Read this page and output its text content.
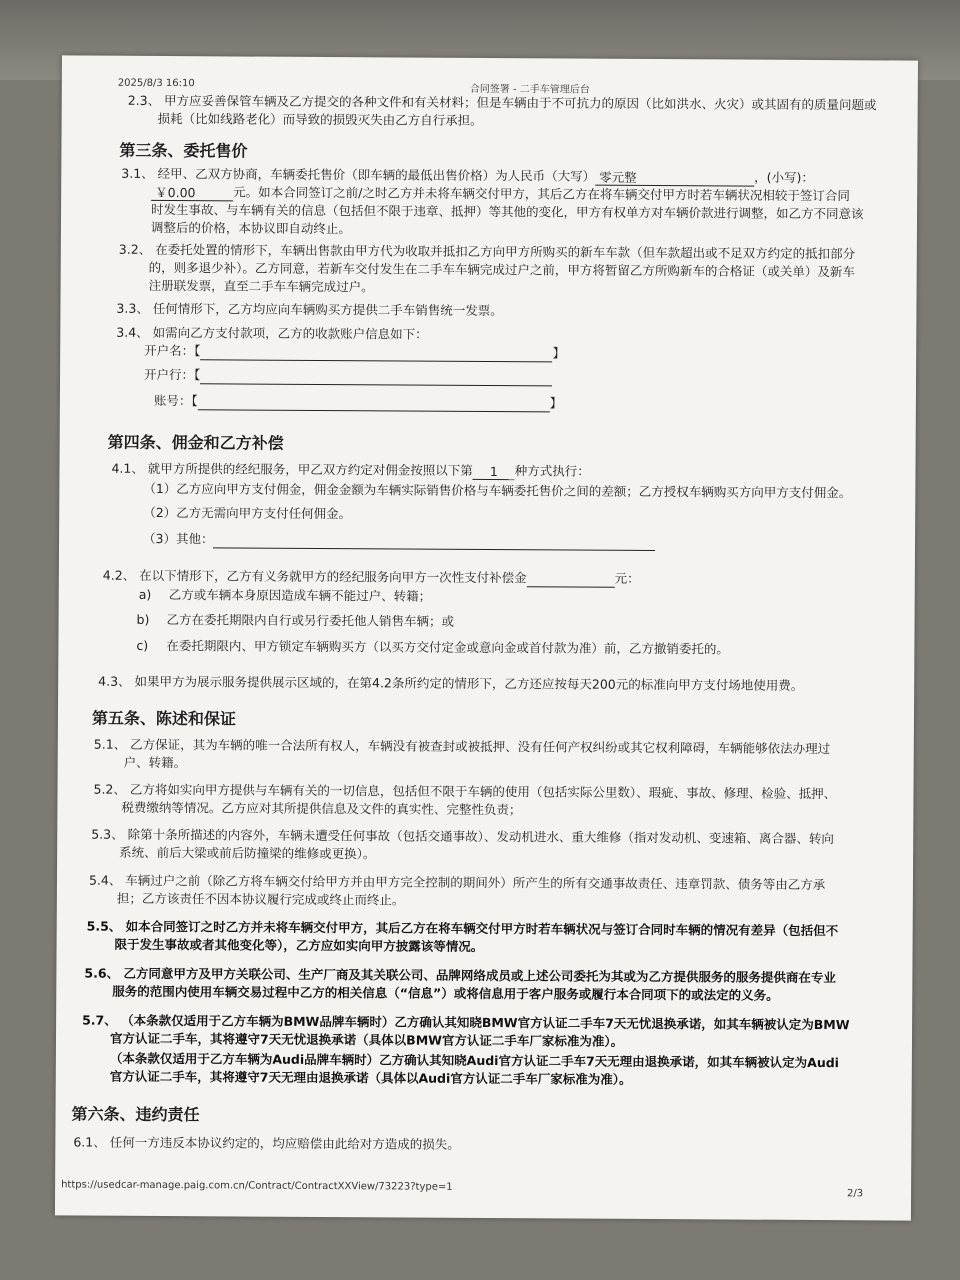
2025/8/3 16:10
合同签署 - 二手车管理后台
2.3、 甲方应妥善保管车辆及乙方提交的各种文件和有关材料；但是车辆由于不可抗力的原因（比如洪水、火灾）或其固有的质量问题或
损耗（比如线路老化）而导致的损毁灭失由乙方自行承担。
第三条、委托售价
3.1、 经甲、乙双方协商，车辆委托售价（即车辆的最低出售价格）为人民币（大写） 零元整	，(小写)：
￥0.00	元。如本合同签订之前/之时乙方并未将车辆交付甲方，其后乙方在将车辆交付甲方时若车辆状况相较于签订合同
时发生事故、与车辆有关的信息（包括但不限于违章、抵押）等其他的变化，甲方有权单方对车辆价款进行调整，如乙方不同意该
调整后的价格，本协议即自动终止。
3.2、 在委托处置的情形下，车辆出售款由甲方代为收取并抵扣乙方向甲方所购买的新车车款（但车款超出或不足双方约定的抵扣部分
的，则多退少补）。乙方同意，若新车交付发生在二手车车辆完成过户之前，甲方将暂留乙方所购新车的合格证（或关单）及新车
注册联发票，直至二手车车辆完成过户。
3.3、 任何情形下，乙方均应向车辆购买方提供二手车销售统一发票。
3.4、 如需向乙方支付款项，乙方的收款账户信息如下：
开户名：【	】
开户行：【
账号：【	】
第四条、佣金和乙方补偿
4.1、 就甲方所提供的经纪服务，甲乙双方约定对佣金按照以下第 1 种方式执行：
（1）乙方应向甲方支付佣金，佣金金额为车辆实际销售价格与车辆委托售价之间的差额；乙方授权车辆购买方向甲方支付佣金。
（2）乙方无需向甲方支付任何佣金。
（3）其他：
4.2、 在以下情形下，乙方有义务就甲方的经纪服务向甲方一次性支付补偿金	元：
a) 乙方或车辆本身原因造成车辆不能过户、转籍；
b) 乙方在委托期限内自行或另行委托他人销售车辆；或
c) 在委托期限内、甲方锁定车辆购买方（以买方交付定金或意向金或首付款为准）前，乙方撤销委托的。
4.3、 如果甲方为展示服务提供展示区域的，在第4.2条所约定的情形下，乙方还应按每天200元的标准向甲方支付场地使用费。
第五条、陈述和保证
5.1、 乙方保证，其为车辆的唯一合法所有权人，车辆没有被查封或被抵押、没有任何产权纠纷或其它权利障碍，车辆能够依法办理过
户、转籍。
5.2、 乙方将如实向甲方提供与车辆有关的一切信息，包括但不限于车辆的使用（包括实际公里数）、瑕疵、事故、修理、检验、抵押、
税费缴纳等情况。乙方应对其所提供信息及文件的真实性、完整性负责；
5.3、 除第十条所描述的内容外，车辆未遭受任何事故（包括交通事故）、发动机进水、重大维修（指对发动机、变速箱、离合器、转向
系统、前后大梁或前后防撞梁的维修或更换）。
5.4、 车辆过户之前（除乙方将车辆交付给甲方并由甲方完全控制的期间外）所产生的所有交通事故责任、违章罚款、债务等由乙方承
担；乙方该责任不因本协议履行完成或终止而终止。
5.5、 如本合同签订之时乙方并未将车辆交付甲方，其后乙方在将车辆交付甲方时若车辆状况与签订合同时车辆的情况有差异（包括但不
限于发生事故或者其他变化等），乙方应如实向甲方披露该等情况。
5.6、 乙方同意甲方及甲方关联公司、生产厂商及其关联公司、品牌网络成员或上述公司委托为其或为乙方提供服务的服务提供商在专业
服务的范围内使用车辆交易过程中乙方的相关信息（“信息”）或将信息用于客户服务或履行本合同项下的或法定的义务。
5.7、 （本条款仅适用于乙方车辆为BMW品牌车辆时）乙方确认其知晓BMW官方认证二手车7天无忧退换承诺，如其车辆被认定为BMW
官方认证二手车，其将遵守7天无忧退换承诺（具体以BMW官方认证二手车厂家标准为准）。
（本条款仅适用于乙方车辆为Audi品牌车辆时）乙方确认其知晓Audi官方认证二手车7天无理由退换承诺，如其车辆被认定为Audi
官方认证二手车，其将遵守7天无理由退换承诺（具体以Audi官方认证二手车厂家标准为准）。
第六条、违约责任
6.1、 任何一方违反本协议约定的，均应赔偿由此给对方造成的损失。
https://usedcar-manage.paig.com.cn/Contract/ContractXXView/73223?type=1
2/3
